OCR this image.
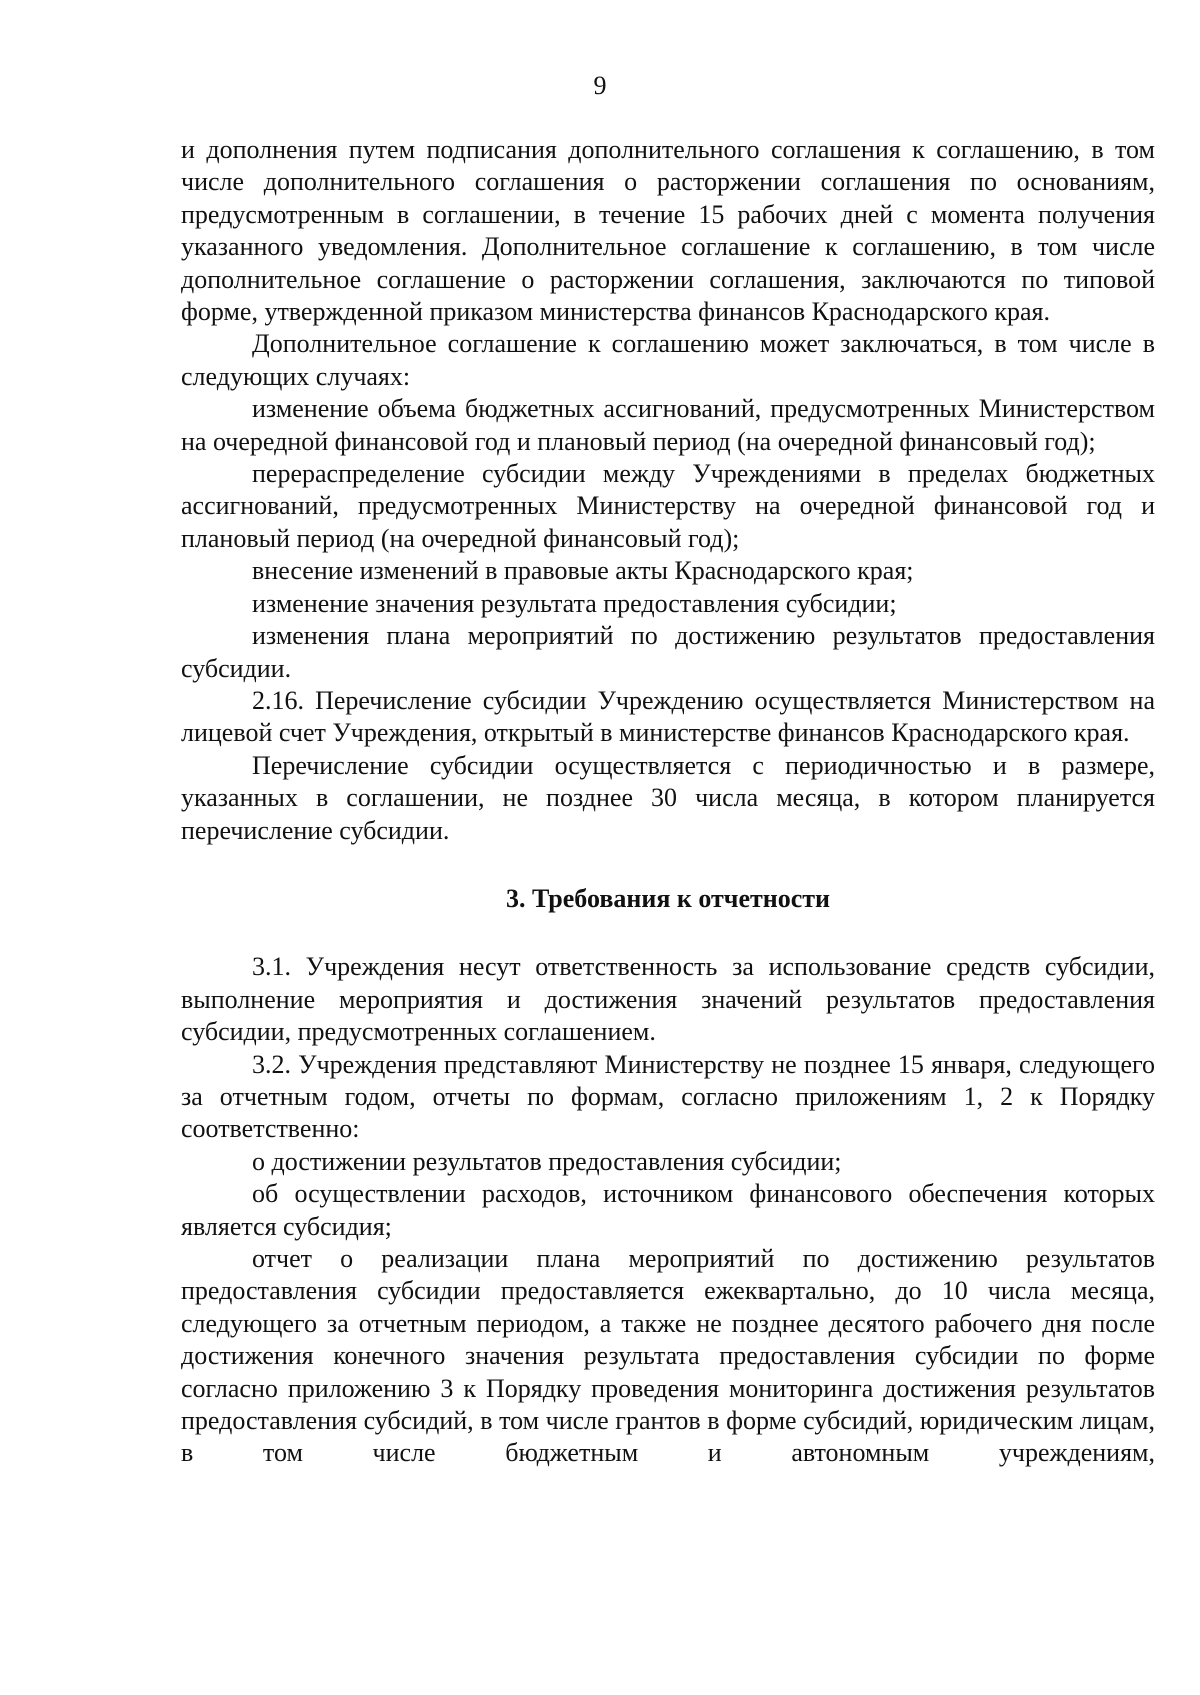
9

и дополнения путем подписания дополнительного соглашения к соглашению, в том числе дополнительного соглашения о расторжении соглашения по основаниям, предусмотренным в соглашении, в течение 15 рабочих дней с момента получения указанного уведомления. Дополнительное соглашение к соглашению, в том числе дополнительное соглашение о расторжении соглашения, заключаются по типовой форме, утвержденной приказом министерства финансов Краснодарского края.

Дополнительное соглашение к соглашению может заключаться, в том числе в следующих случаях:

изменение объема бюджетных ассигнований, предусмотренных Министерством на очередной финансовой год и плановый период (на очередной финансовый год);

перераспределение субсидии между Учреждениями в пределах бюджетных ассигнований, предусмотренных Министерству на очередной финансовой год и плановый период (на очередной финансовый год);

внесение изменений в правовые акты Краснодарского края;

изменение значения результата предоставления субсидии;

изменения плана мероприятий по достижению результатов предоставления субсидии.

2.16. Перечисление субсидии Учреждению осуществляется Министерством на лицевой счет Учреждения, открытый в министерстве финансов Краснодарского края.

Перечисление субсидии осуществляется с периодичностью и в размере, указанных в соглашении, не позднее 30 числа месяца, в котором планируется перечисление субсидии.

3. Требования к отчетности

3.1. Учреждения несут ответственность за использование средств субсидии, выполнение мероприятия и достижения значений результатов предоставления субсидии, предусмотренных соглашением.

3.2. Учреждения представляют Министерству не позднее 15 января, следующего за отчетным годом, отчеты по формам, согласно приложениям 1, 2 к Порядку соответственно:

о достижении результатов предоставления субсидии;

об осуществлении расходов, источником финансового обеспечения которых является субсидия;

отчет о реализации плана мероприятий по достижению результатов предоставления субсидии предоставляется ежеквартально, до 10 числа месяца, следующего за отчетным периодом, а также не позднее десятого рабочего дня после достижения конечного значения результата предоставления субсидии по форме согласно приложению 3 к Порядку проведения мониторинга достижения результатов предоставления субсидий, в том числе грантов в форме субсидий, юридическим лицам, в том числе бюджетным и автономным учреждениям,
